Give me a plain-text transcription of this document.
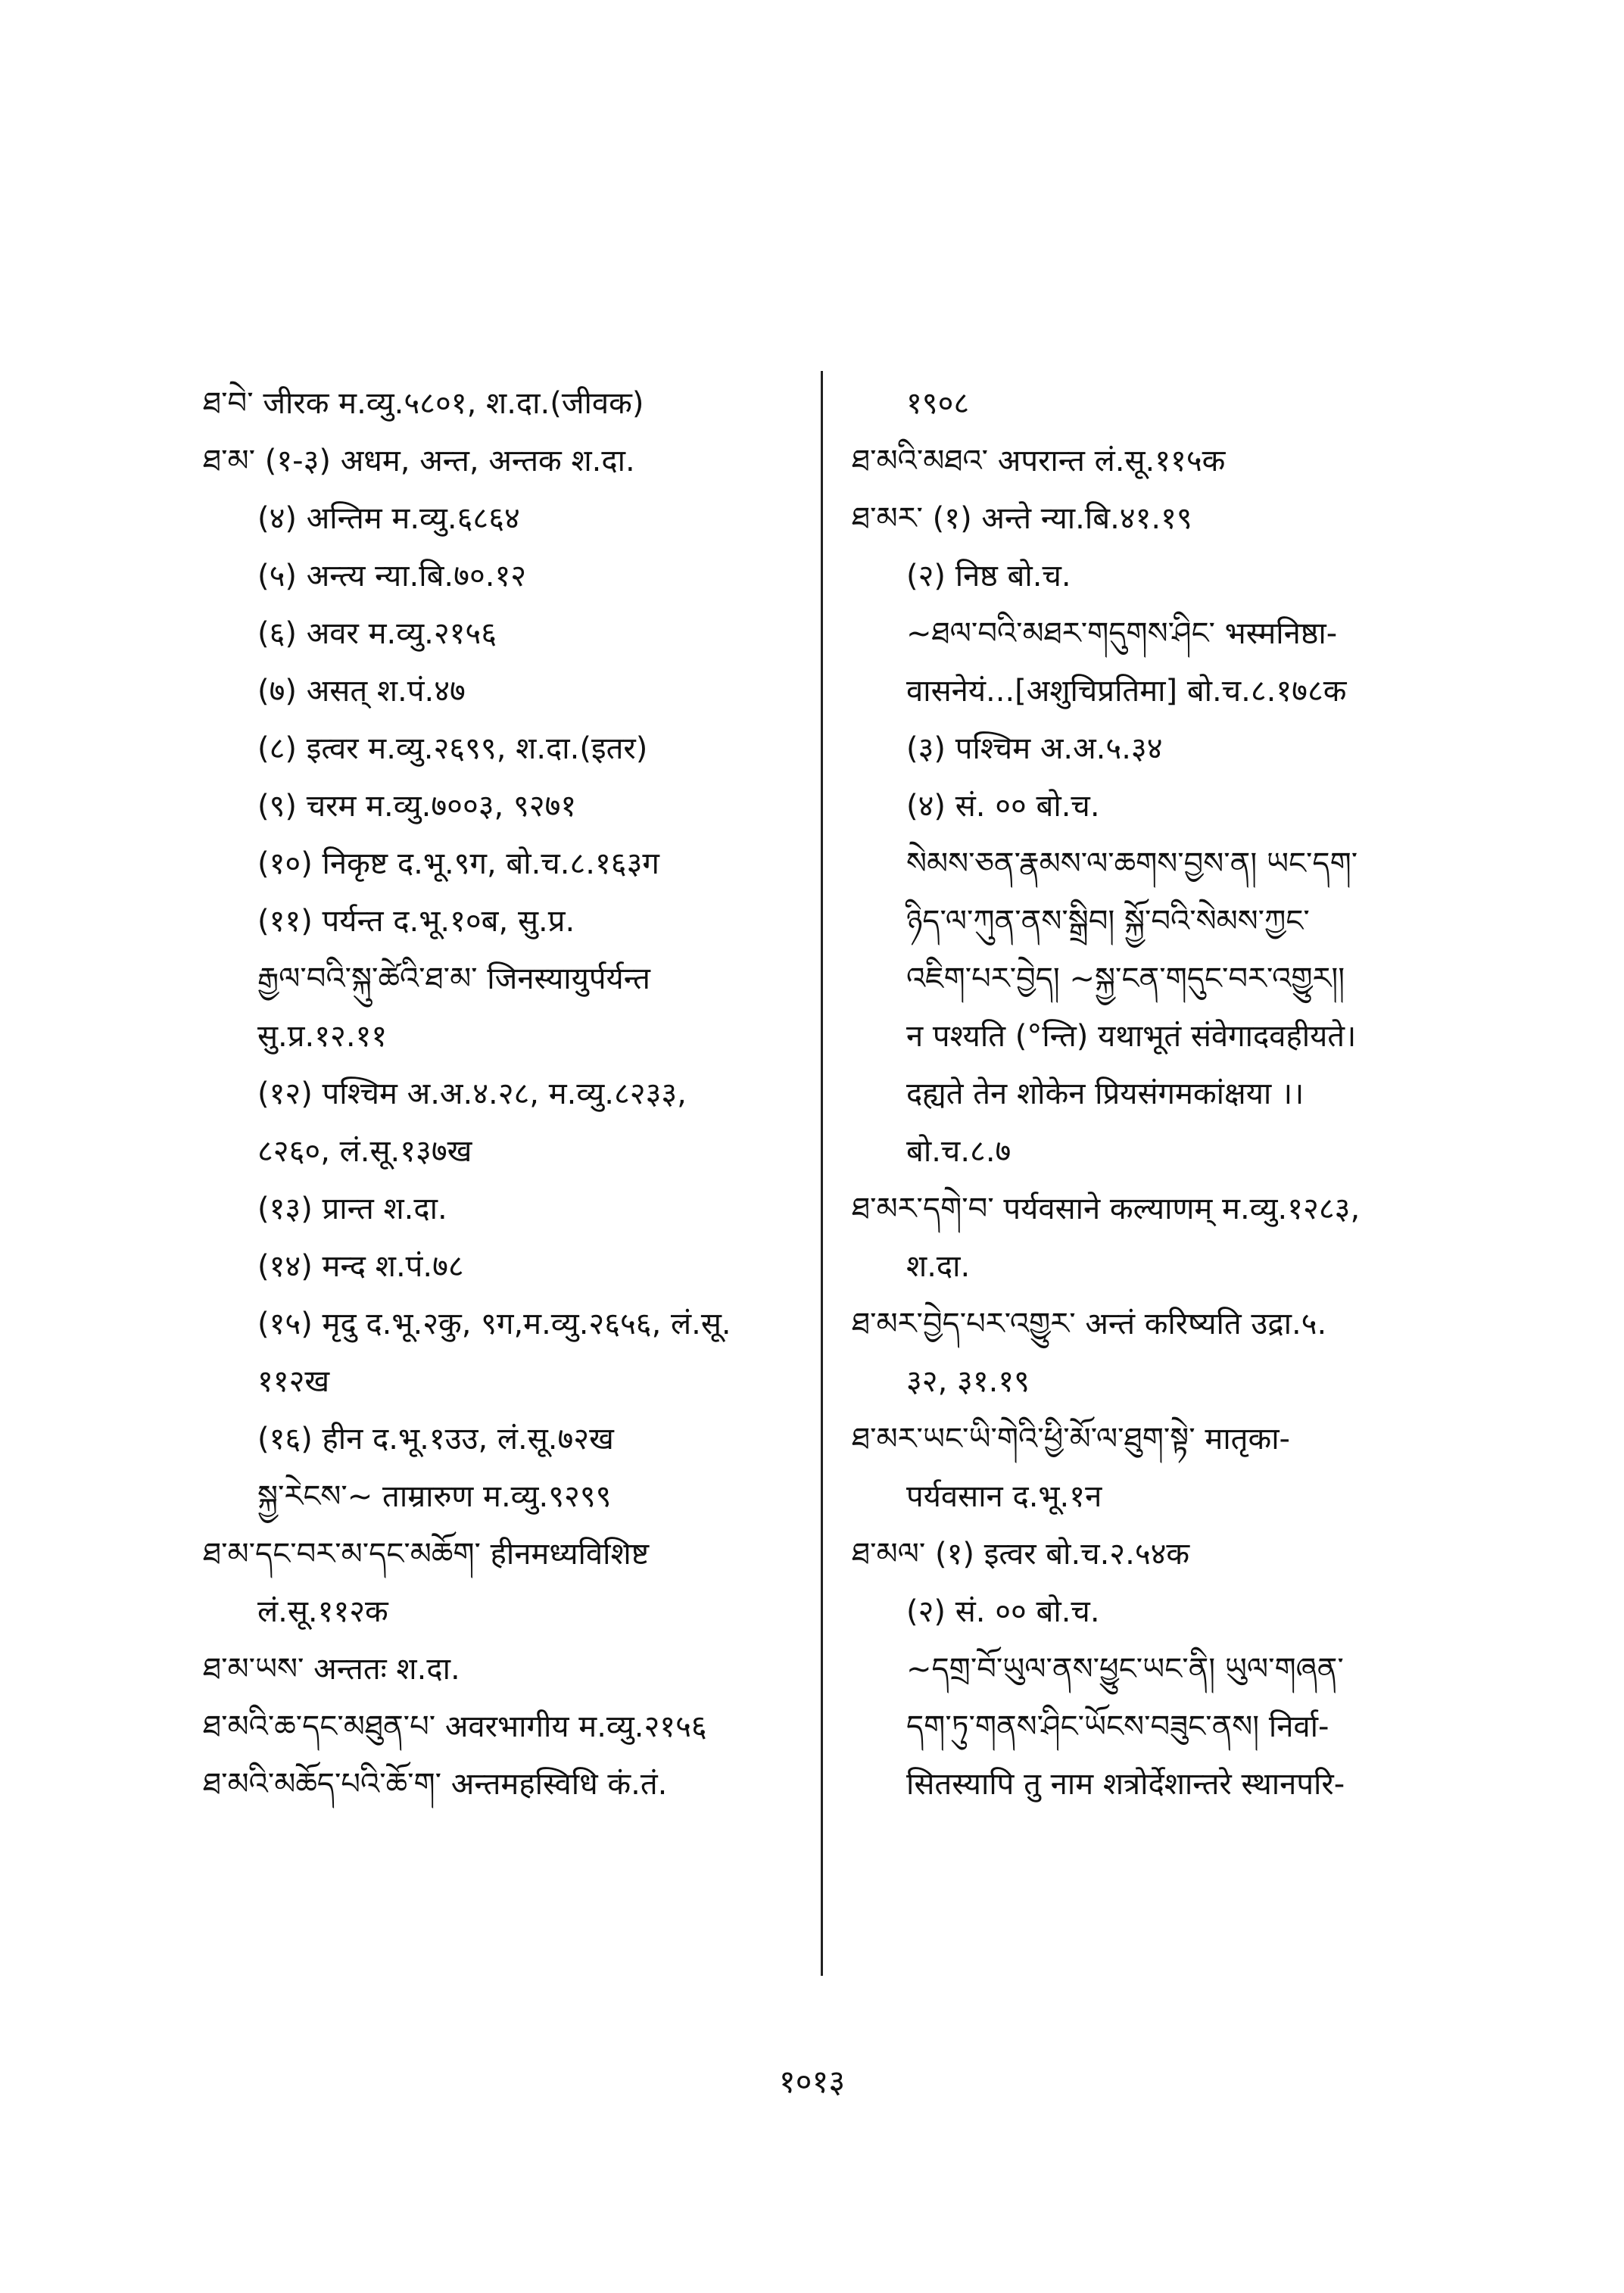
ཐ་བེ་ जीरक म.व्यु.५८०१, श.दा.(जीवक)
ཐ་མ་ (१-३) अधम, अन्त, अन्तक श.दा.
(४) अन्तिम म.व्यु.६८६४
(५) अन्त्य न्या.बि.७०.१२
(६) अवर म.व्यु.२१५६
(७) असत् श.पं.४७
(८) इत्वर म.व्यु.२६९९, श.दा.(इतर)
(९) चरम म.व्यु.७००३, ९२७१
(१०) निकृष्ट द.भू.९ग, बो.च.८.१६३ग
(११) पर्यन्त द.भू.१०ब, सु.प्र.
རྒྱལ་བའི་སྐུ་ཚེའི་ཐ་མ་ जिनस्यायुर्पर्यन्त
सु.प्र.१२.११
(१२) पश्चिम अ.अ.४.२८, म.व्यु.८२३३,
८२६०, लं.सू.१३७ख
(१३) प्रान्त श.दा.
(१४) मन्द श.पं.७८
(१५) मृदु द.भू.२कु, ९ग,म.व्यु.२६५६, लं.सू.
११२ख
(१६) हीन द.भू.१उउ, लं.सू.७२ख
སྐྱ་རེངས་~ ताम्रारुण म.व्यु.९२९९
ཐ་མ་དང་བར་མ་དང་མཆོག་ हीनमध्यविशिष्ट
लं.सू.११२क
ཐ་མ་ཡས་ अन्ततः श.दा.
ཐ་མའི་ཆ་དང་མཐུན་པ་ अवरभागीय म.व्यु.२१५६
ཐ་མའི་མཆོད་པའི་ཆོ་ག་ अन्तमहस्विधि कं.तं.
१९०८
ཐ་མའི་མཐའ་ अपरान्त लं.सू.११५क
ཐ་མར་ (१) अन्ते न्या.बि.४१.१९
(२) निष्ठ बो.च.
~ཐལ་བའི་མཐར་གདུགས་ཤིང་ भस्मनिष्ठा-
वासनेयं...[अशुचिप्रतिमा] बो.च.८.१७८क
(३) पश्चिम अ.अ.५.३४
(४) सं. ०० बो.च.
སེམས་ཅན་རྣམས་ལ་ཆགས་བྱས་ན། ཡང་དག་
ཉིད་ལ་ཀུན་ནས་སྒྲིབ། སྐྱོ་བའི་སེམས་ཀྱང་
འཇིག་པར་བྱེད། ~སྐྱ་ངན་གདུང་བར་འགྱུར།།
न पश्यति (°न्ति) यथाभूतं संवेगादवहीयते।
दह्यते तेन शोकेन प्रियसंगमकांक्षया ।।
बो.च.८.७
ཐ་མར་དགེ་བ་ पर्यवसाने कल्याणम् म.व्यु.१२८३,
श.दा.
ཐ་མར་བྱེད་པར་འགྱུར་ अन्तं करिष्यति उद्रा.५.
३२, ३१.१९
ཐ་མར་ཡང་ཡི་གེའི་ཕྱི་མོ་ལ་ཐུག་སྟེ་ मातृका-
पर्यवसान द.भू.१न
ཐ་མལ་ (१) इत्वर बो.च.२.५४क
(२) सं. ०० बो.च.
~དགྲ་བོ་ཡུལ་ནས་ཕྱུང་ཡང་ནི། ཡུལ་གཞན་
དག་ཏུ་གནས་ཤིང་ཡོངས་བཟུང་ནས། निर्वा-
सितस्यापि तु नाम शत्रोर्देशान्तरे स्थानपरि-
१०१३
